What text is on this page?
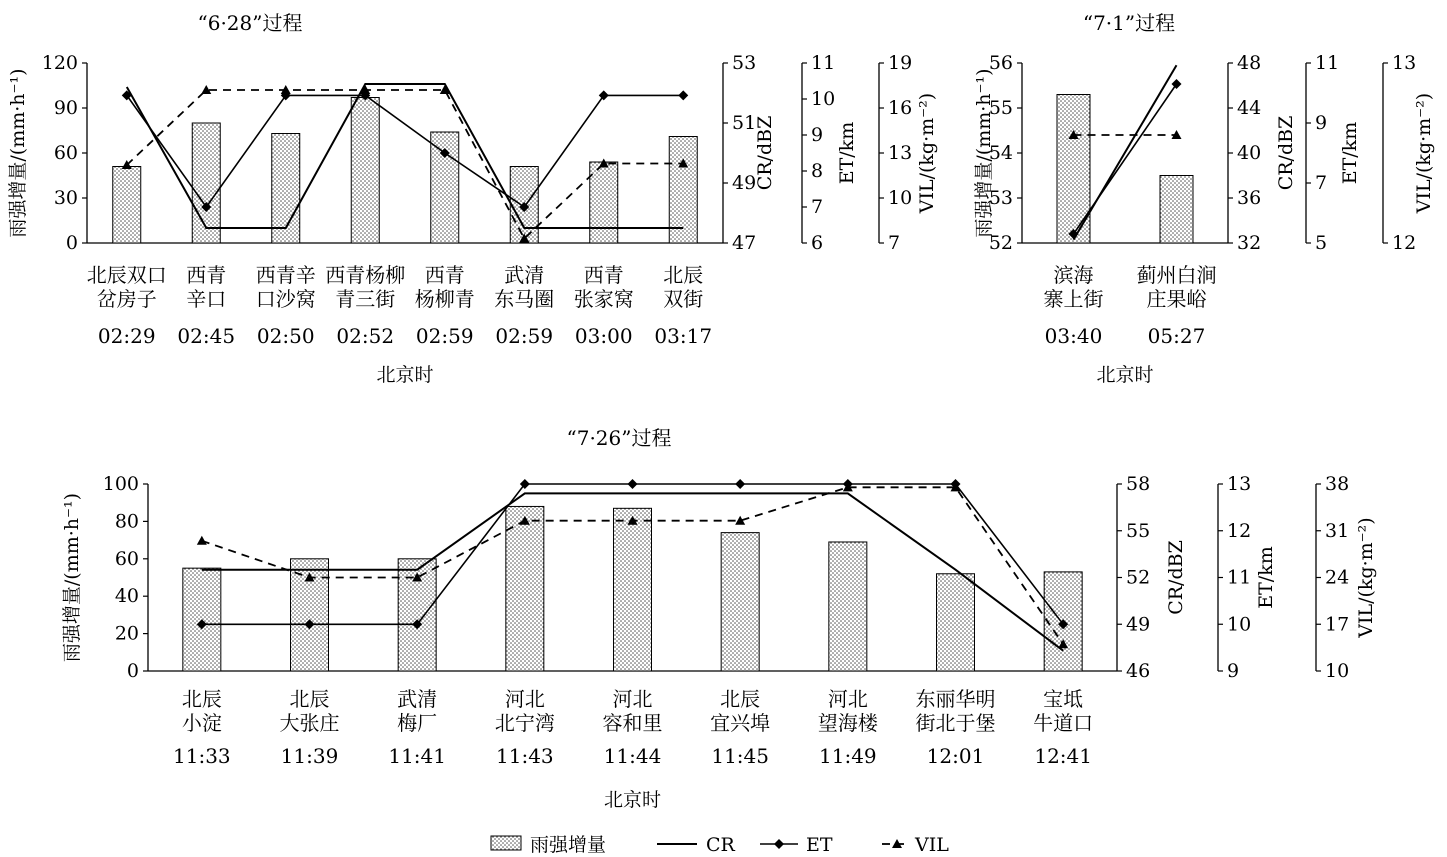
“6·28”过程
0
30
60
90
120
雨强增量/(mm·h⁻¹)
47
49
51
53
CR/dBZ
6
7
8
9
10
11
ET/km
7
10
13
16
19
VIL/(kg·m⁻²)
北辰双口
岔房子
02:29
西青
辛口
02:45
西青辛
口沙窝
02:50
西青杨柳
青三街
02:52
西青
杨柳青
02:59
武清
东马圈
02:59
西青
张家窝
03:00
北辰
双街
03:17
北京时
“7·1”过程
52
53
54
55
56
雨强增量/(mm·h⁻¹)
32
36
40
44
48
CR/dBZ
5
7
9
11
ET/km
12
13
VIL/(kg·m⁻²)
滨海
寨上街
03:40
蓟州白涧
庄果峪
05:27
北京时
“7·26”过程
0
20
40
60
80
100
雨强增量/(mm·h⁻¹)
46
49
52
55
58
CR/dBZ
9
10
11
12
13
ET/km
10
17
24
31
38
VIL/(kg·m⁻²)
北辰
小淀
11:33
北辰
大张庄
11:39
武清
梅厂
11:41
河北
北宁湾
11:43
河北
容和里
11:44
北辰
宜兴埠
11:45
河北
望海楼
11:49
东丽华明
街北于堡
12:01
宝坻
牛道口
12:41
北京时
雨强增量	CR	ET	VIL
